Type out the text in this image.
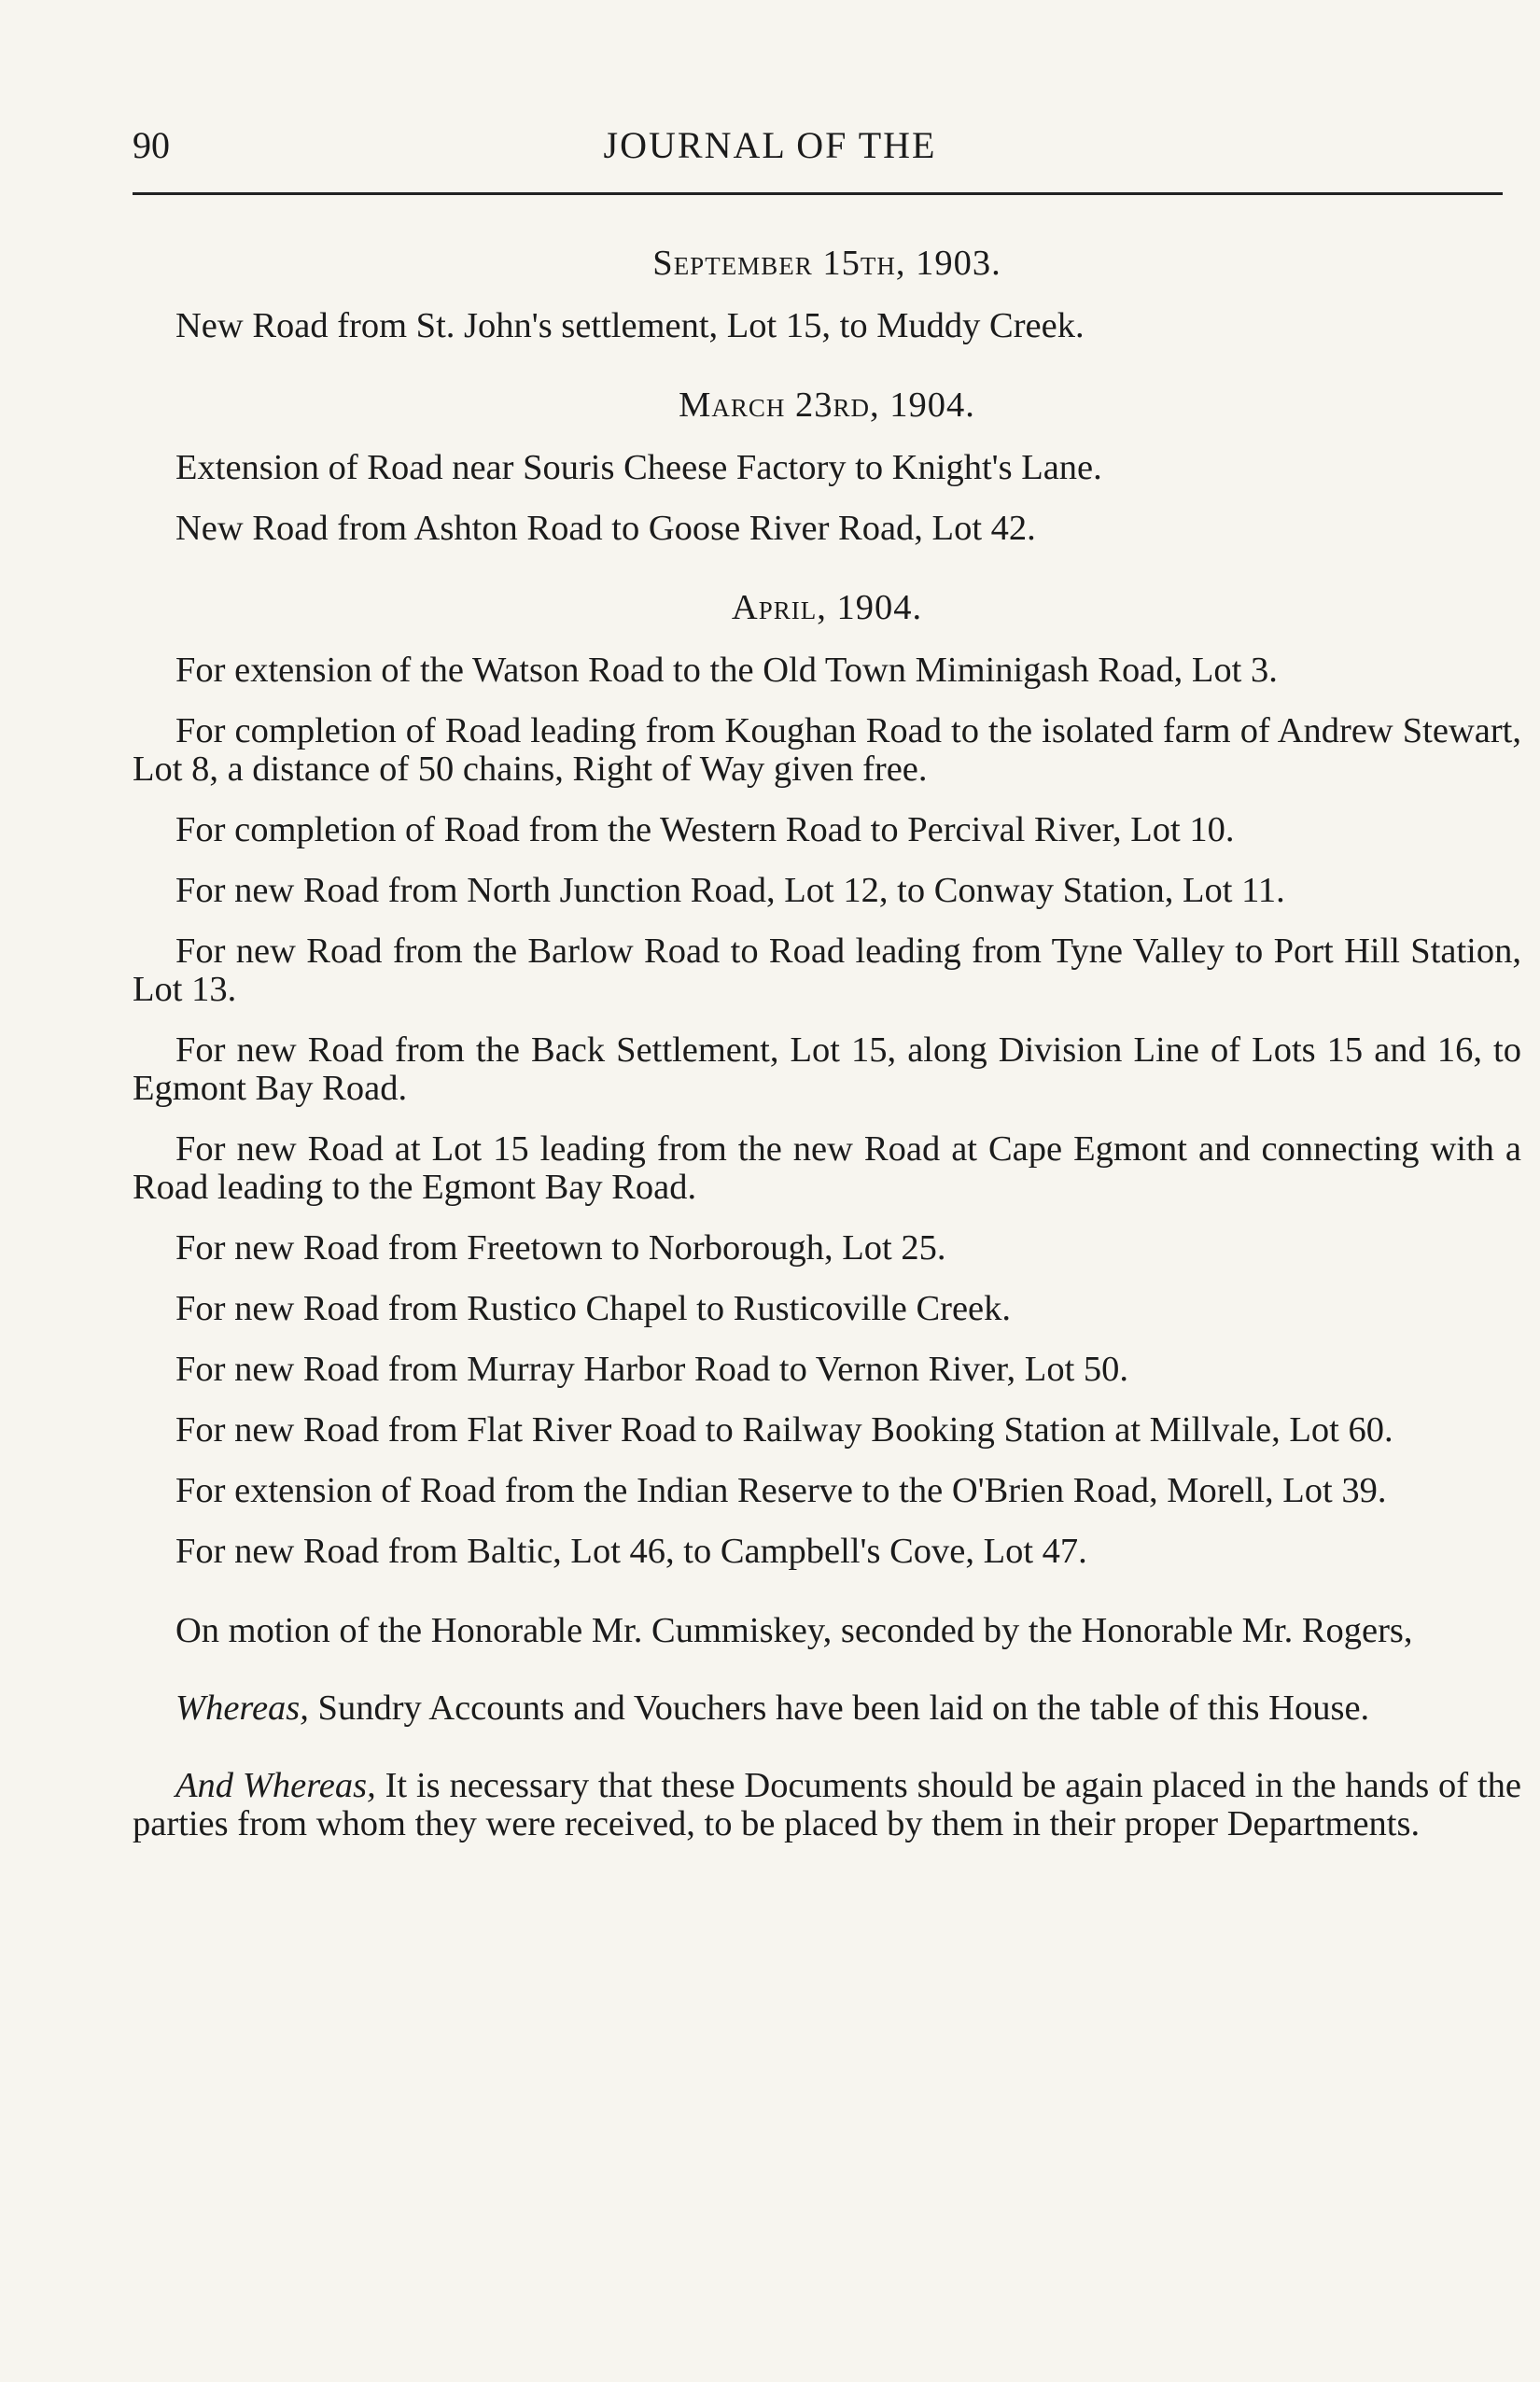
90	JOURNAL OF THE
September 15th, 1903.

New Road from St. John's settlement, Lot 15, to Muddy Creek.

March 23rd, 1904.

Extension of Road near Souris Cheese Factory to Knight's Lane.

New Road from Ashton Road to Goose River Road, Lot 42.

April, 1904.

For extension of the Watson Road to the Old Town Miminigash Road, Lot 3.

For completion of Road leading from Koughan Road to the isolated farm of Andrew Stewart, Lot 8, a distance of 50 chains, Right of Way given free.

For completion of Road from the Western Road to Percival River, Lot 10.

For new Road from North Junction Road, Lot 12, to Conway Station, Lot 11.

For new Road from the Barlow Road to Road leading from Tyne Valley to Port Hill Station, Lot 13.

For new Road from the Back Settlement, Lot 15, along Division Line of Lots 15 and 16, to Egmont Bay Road.

For new Road at Lot 15 leading from the new Road at Cape Egmont and connecting with a Road leading to the Egmont Bay Road.

For new Road from Freetown to Norborough, Lot 25.

For new Road from Rustico Chapel to Rusticoville Creek.

For new Road from Murray Harbor Road to Vernon River, Lot 50.

For new Road from Flat River Road to Railway Booking Station at Millvale, Lot 60.

For extension of Road from the Indian Reserve to the O'Brien Road, Morell, Lot 39.

For new Road from Baltic, Lot 46, to Campbell's Cove, Lot 47.

On motion of the Honorable Mr. Cummiskey, seconded by the Honorable Mr. Rogers,

Whereas, Sundry Accounts and Vouchers have been laid on the table of this House.

And Whereas, It is necessary that these Documents should be again placed in the hands of the parties from whom they were received, to be placed by them in their proper Departments.
